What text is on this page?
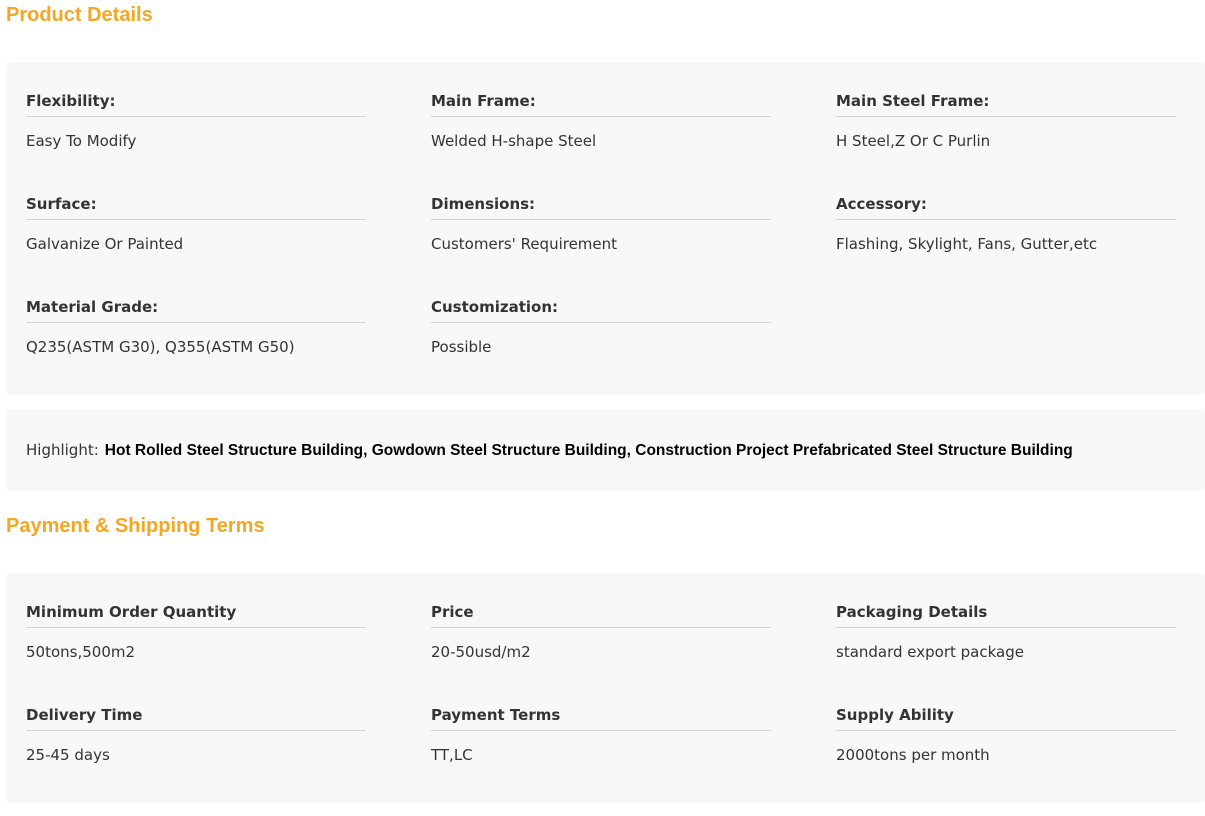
Product Details
Flexibility:
Easy To Modify
Main Frame:
Welded H-shape Steel
Main Steel Frame:
H Steel,Z Or C Purlin
Surface:
Galvanize Or Painted
Dimensions:
Customers' Requirement
Accessory:
Flashing, Skylight, Fans, Gutter,etc
Material Grade:
Q235(ASTM G30), Q355(ASTM G50)
Customization:
Possible
Highlight: Hot Rolled Steel Structure Building, Gowdown Steel Structure Building, Construction Project Prefabricated Steel Structure Building
Payment & Shipping Terms
Minimum Order Quantity
50tons,500m2
Price
20-50usd/m2
Packaging Details
standard export package
Delivery Time
25-45 days
Payment Terms
TT,LC
Supply Ability
2000tons per month
